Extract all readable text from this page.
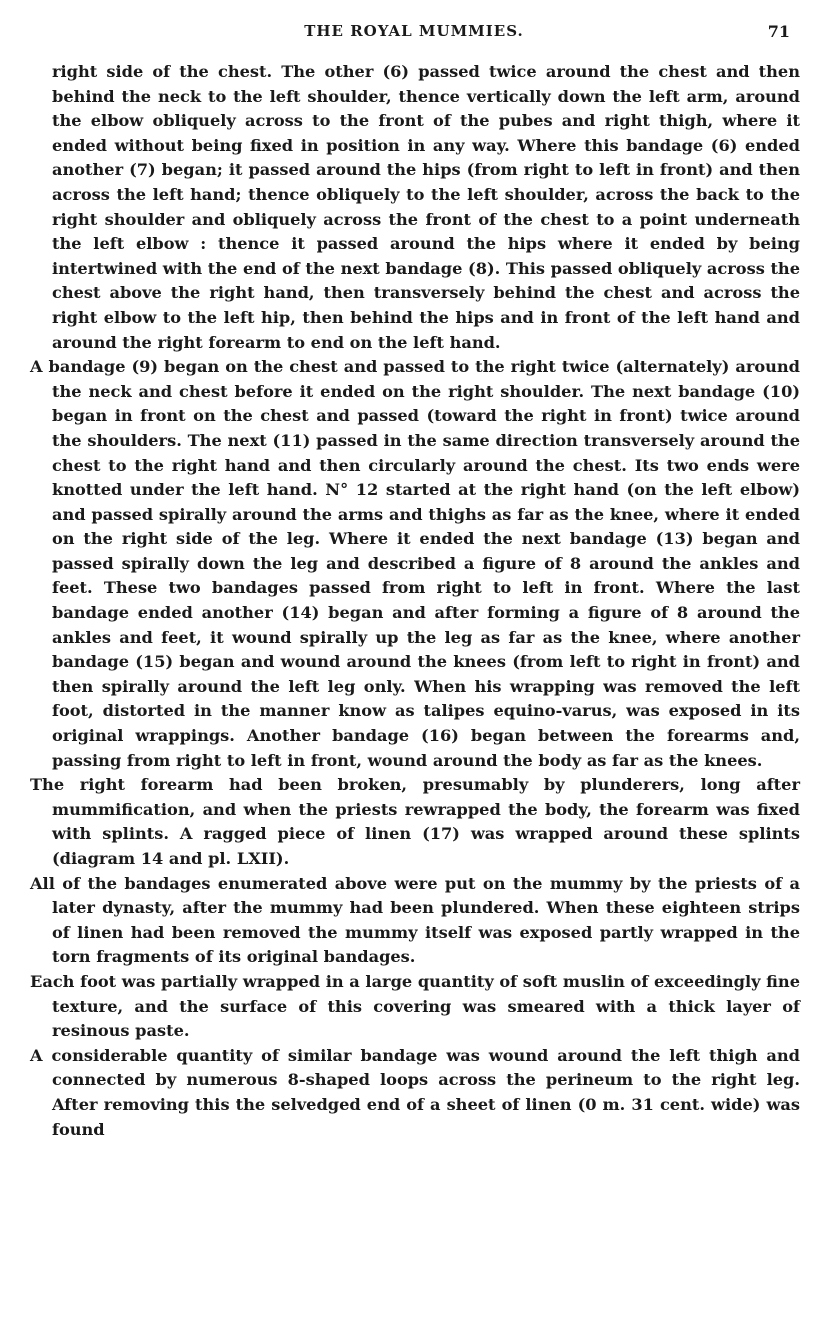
THE ROYAL MUMMIES.	71

right side of the chest. The other (6) passed twice around the chest and then behind the neck to the left shoulder, thence vertically down the left arm, around the elbow obliquely across to the front of the pubes and right thigh, where it ended without being fixed in position in any way. Where this bandage (6) ended another (7) began; it passed around the hips (from right to left in front) and then across the left hand; thence obliquely to the left shoulder, across the back to the right shoulder and obliquely across the front of the chest to a point underneath the left elbow : thence it passed around the hips where it ended by being intertwined with the end of the next bandage (8). This passed obliquely across the chest above the right hand, then transversely behind the chest and across the right elbow to the left hip, then behind the hips and in front of the left hand and around the right forearm to end on the left hand.

A bandage (9) began on the chest and passed to the right twice (alternately) around the neck and chest before it ended on the right shoulder. The next bandage (10) began in front on the chest and passed (toward the right in front) twice around the shoulders. The next (11) passed in the same direction transversely around the chest to the right hand and then circularly around the chest. Its two ends were knotted under the left hand. N° 12 started at the right hand (on the left elbow) and passed spirally around the arms and thighs as far as the knee, where it ended on the right side of the leg. Where it ended the next bandage (13) began and passed spirally down the leg and described a figure of 8 around the ankles and feet. These two bandages passed from right to left in front. Where the last bandage ended another (14) began and after forming a figure of 8 around the ankles and feet, it wound spirally up the leg as far as the knee, where another bandage (15) began and wound around the knees (from left to right in front) and then spirally around the left leg only. When his wrapping was removed the left foot, distorted in the manner know as talipes equino-varus, was exposed in its original wrappings. Another bandage (16) began between the forearms and, passing from right to left in front, wound around the body as far as the knees.

The right forearm had been broken, presumably by plunderers, long after mummification, and when the priests rewrapped the body, the forearm was fixed with splints. A ragged piece of linen (17) was wrapped around these splints (diagram 14 and pl. LXII).

All of the bandages enumerated above were put on the mummy by the priests of a later dynasty, after the mummy had been plundered. When these eighteen strips of linen had been removed the mummy itself was exposed partly wrapped in the torn fragments of its original bandages.

Each foot was partially wrapped in a large quantity of soft muslin of exceedingly fine texture, and the surface of this covering was smeared with a thick layer of resinous paste.

A considerable quantity of similar bandage was wound around the left thigh and connected by numerous 8-shaped loops across the perineum to the right leg. After removing this the selvedged end of a sheet of linen (0 m. 31 cent. wide) was found
